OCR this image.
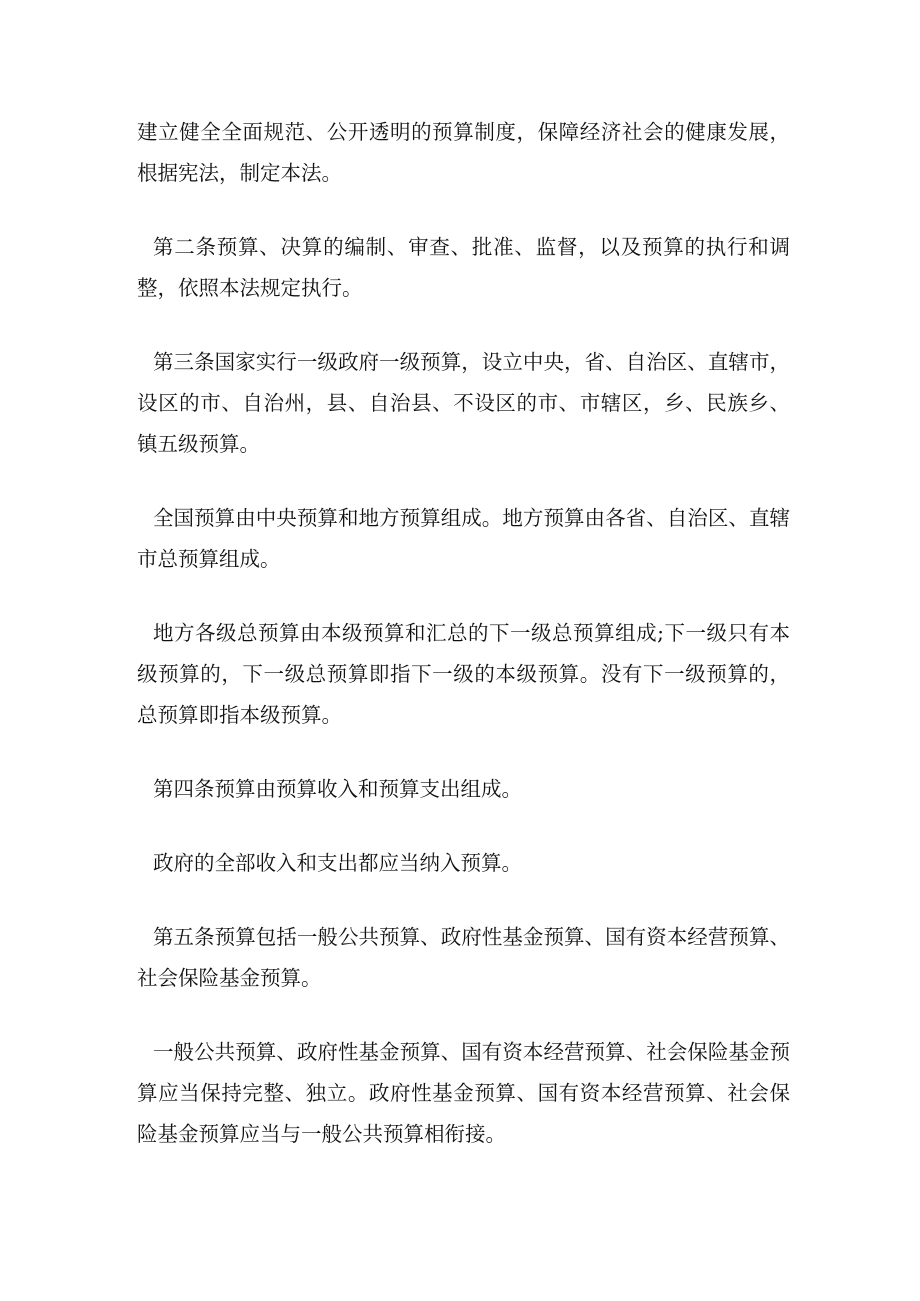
建立健全全面规范、公开透明的预算制度，保障经济社会的健康发展，根据宪法，制定本法。

第二条预算、决算的编制、审查、批准、监督，以及预算的执行和调整，依照本法规定执行。

第三条国家实行一级政府一级预算，设立中央，省、自治区、直辖市，设区的市、自治州，县、自治县、不设区的市、市辖区，乡、民族乡、镇五级预算。

全国预算由中央预算和地方预算组成。地方预算由各省、自治区、直辖市总预算组成。

地方各级总预算由本级预算和汇总的下一级总预算组成;下一级只有本级预算的，下一级总预算即指下一级的本级预算。没有下一级预算的，总预算即指本级预算。

第四条预算由预算收入和预算支出组成。

政府的全部收入和支出都应当纳入预算。

第五条预算包括一般公共预算、政府性基金预算、国有资本经营预算、社会保险基金预算。

一般公共预算、政府性基金预算、国有资本经营预算、社会保险基金预算应当保持完整、独立。政府性基金预算、国有资本经营预算、社会保险基金预算应当与一般公共预算相衔接。
